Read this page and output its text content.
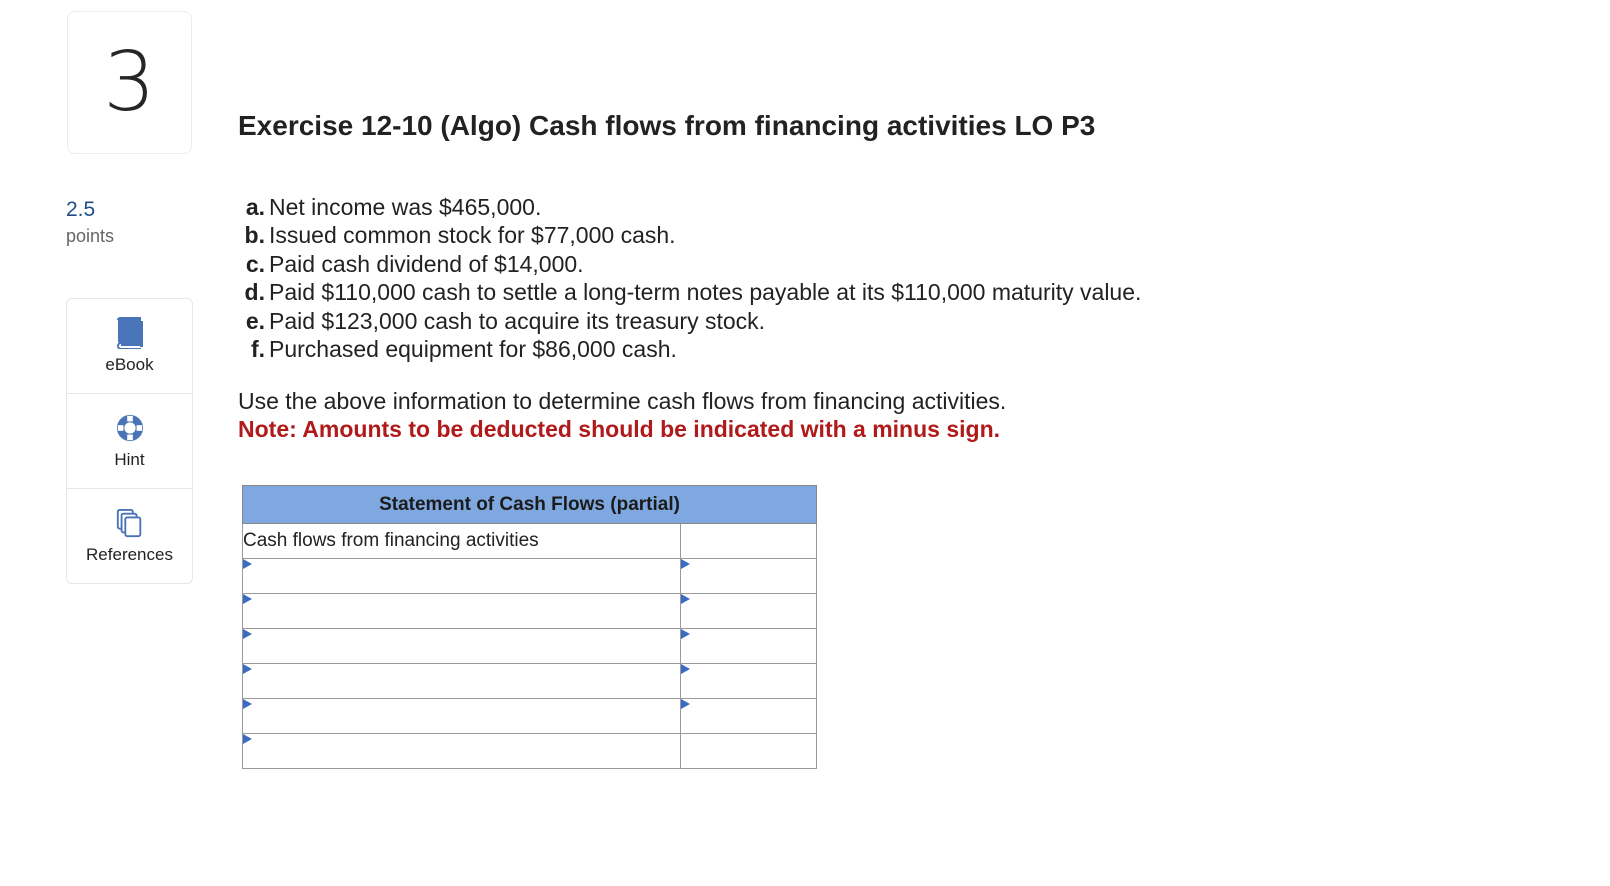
3
2.5
points
eBook
Hint
References
Exercise 12-10 (Algo) Cash flows from financing activities LO P3
a. Net income was $465,000.
b. Issued common stock for $77,000 cash.
c. Paid cash dividend of $14,000.
d. Paid $110,000 cash to settle a long-term notes payable at its $110,000 maturity value.
e. Paid $123,000 cash to acquire its treasury stock.
f. Purchased equipment for $86,000 cash.
Use the above information to determine cash flows from financing activities.
Note: Amounts to be deducted should be indicated with a minus sign.
Statement of Cash Flows (partial)	
Cash flows from financing activities	
